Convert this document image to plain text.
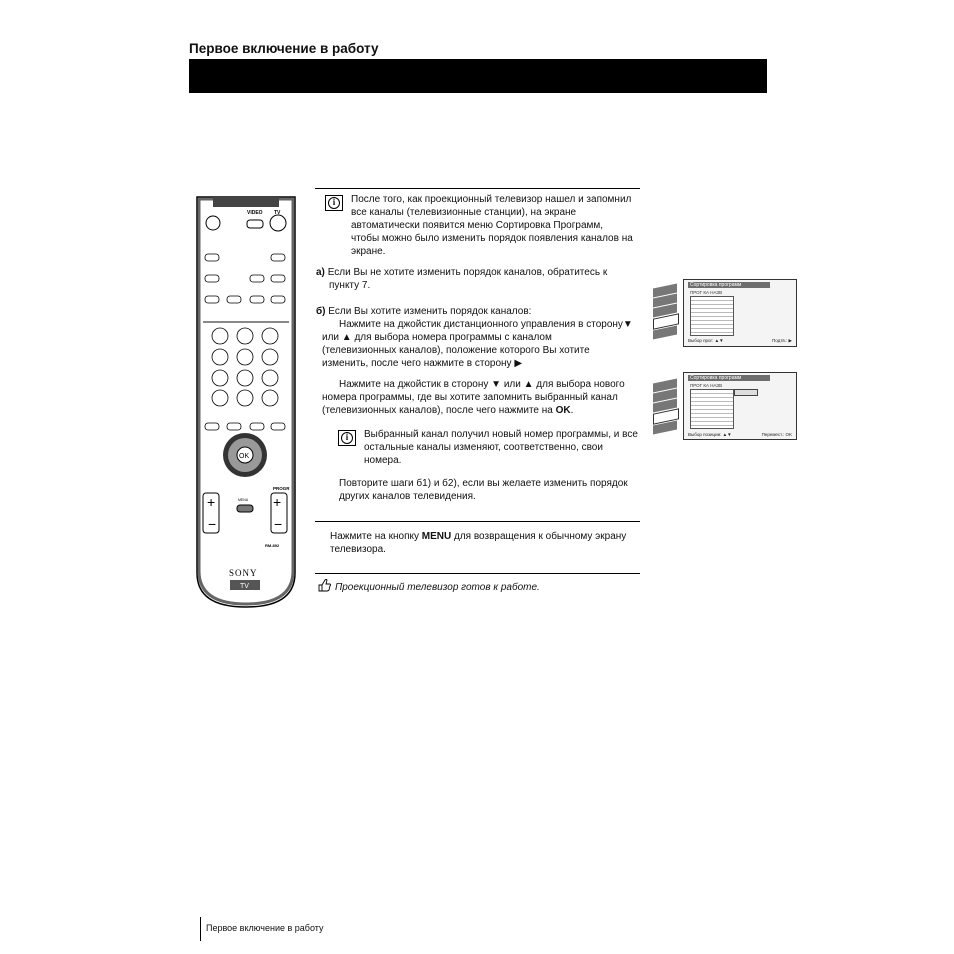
Первое включение в работу
VIDEO TV
OK
+
−
+
−
MENU
PROGR
RM-892
SONY
TV
i	После того, как проекционный телевизор нашел и запомнил
все каналы (телевизионные станции), на экране
автоматически появится меню Сортировка Программ,
чтобы можно было изменить порядок появления каналов на
экране.
а) Если Вы не хотите изменить порядок каналов, обратитесь к
пункту 7.
б) Если Вы хотите изменить порядок каналов:
Нажмите на джойстик дистанционного управления в сторону▼
или ▲ для выбора номера программы с каналом
(телевизионных каналов), положение которого Вы хотите
изменить, после чего нажмите в сторону ▶
Нажмите на джойстик в сторону ▼ или ▲ для выбора нового
номера программы, где вы хотите запомнить выбранный канал
(телевизионных каналов), после чего нажмите на OK.
i	Выбранный канал получил новый номер программы, и все
остальные каналы изменяют, соответственно, свои
номера.
Повторите шаги б1) и б2), если вы желаете изменить порядок
других каналов телевидения.
Нажмите на кнопку MENU для возвращения к обычному экрану
телевизора.
Проекционный телевизор готов к работе.
Сортировка программ
ПРОГ КА НАЗВ
Выбор прог: ▲▼	Подтв.: ▶
Сортировка программ
ПРОГ КА НАЗВ
Выбор позиции: ▲▼	Перемест.: OK
Первое включение в работу
